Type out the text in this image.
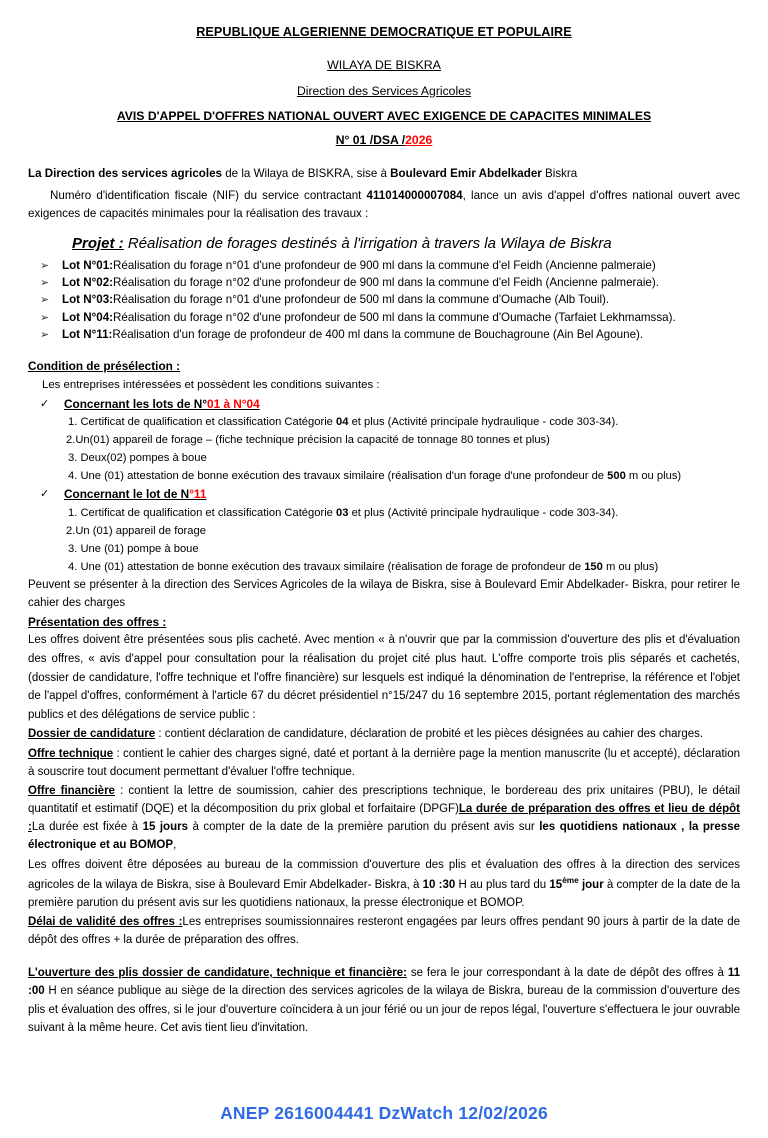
REPUBLIQUE ALGERIENNE DEMOCRATIQUE ET POPULAIRE
WILAYA DE BISKRA
Direction des Services Agricoles
AVIS D'APPEL D'OFFRES NATIONAL OUVERT AVEC EXIGENCE DE CAPACITES MINIMALES
N° 01 /DSA /2026
La Direction des services agricoles de la Wilaya de BISKRA, sise à Boulevard Emir Abdelkader Biskra
Numéro d'identification fiscale (NIF) du service contractant 411014000007084, lance un avis d'appel d'offres national ouvert avec exigences de capacités minimales pour la réalisation des travaux :
Projet : Réalisation de forages destinés à l'irrigation à travers la Wilaya de Biskra
➢	Lot N°01:Réalisation du forage n°01 d'une profondeur de 900 ml dans la commune d'el Feidh (Ancienne palmeraie)
➢	Lot N°02:Réalisation du forage n°02 d'une profondeur de 900 ml dans la commune d'el Feidh (Ancienne palmeraie).
➢	Lot N°03:Réalisation du forage n°01 d'une profondeur de 500 ml dans la commune d'Oumache (Alb Touil).
➢	Lot N°04:Réalisation du forage n°02 d'une profondeur de 500 ml dans la commune d'Oumache (Tarfaiet Lekhmamssa).
➢	Lot N°11:Réalisation d'un forage de profondeur de 400 ml dans la commune de Bouchagroune (Ain Bel Agoune).
Condition de présélection :
Les entreprises intéressées et possèdent les conditions suivantes :
✓	Concernant les lots de N°01 à N°04
1. Certificat de qualification et classification Catégorie 04 et plus (Activité principale hydraulique - code 303-34).
2.Un(01) appareil de forage – (fiche technique précision la capacité de tonnage 80 tonnes et plus)
3. Deux(02) pompes à boue
4. Une (01) attestation de bonne exécution des travaux similaire (réalisation d'un forage d'une profondeur de 500 m ou plus)
✓	Concernant le lot de N°11
1. Certificat de qualification et classification Catégorie 03 et plus (Activité principale hydraulique - code 303-34).
2.Un (01) appareil de forage
3. Une (01) pompe à boue
4. Une (01) attestation de bonne exécution des travaux similaire (réalisation de forage de profondeur de 150 m ou plus)
Peuvent se présenter à la direction des Services Agricoles de la wilaya de Biskra, sise à Boulevard Emir Abdelkader- Biskra, pour retirer le cahier des charges
Présentation des offres :
Les offres doivent être présentées sous plis cacheté. Avec mention « à n'ouvrir que par la commission d'ouverture des plis et d'évaluation des offres, « avis d'appel pour consultation pour la réalisation du projet cité plus haut. L'offre comporte trois plis séparés et cachetés, (dossier de candidature, l'offre technique et l'offre financière) sur lesquels est indiqué la dénomination de l'entreprise, la référence et l'objet de l'appel d'offres, conformément à l'article 67 du décret présidentiel n°15/247 du 16 septembre 2015, portant réglementation des marchés publics et des délégations de service public :
Dossier de candidature : contient déclaration de candidature, déclaration de probité et les pièces désignées au cahier des charges.
Offre technique : contient le cahier des charges signé, daté et portant à la dernière page la mention manuscrite (lu et accepté), déclaration à souscrire tout document permettant d'évaluer l'offre technique.
Offre financière : contient la lettre de soumission, cahier des prescriptions technique, le bordereau des prix unitaires (PBU), le détail quantitatif et estimatif (DQE) et la décomposition du prix global et forfaitaire (DPGF)La durée de préparation des offres et lieu de dépôt :La durée est fixée à 15 jours à compter de la date de la première parution du présent avis sur les quotidiens nationaux , la presse électronique et au BOMOP,
Les offres doivent être déposées au bureau de la commission d'ouverture des plis et évaluation des offres à la direction des services agricoles de la wilaya de Biskra, sise à Boulevard Emir Abdelkader- Biskra, à 10 :30 H au plus tard du 15ème jour à compter de la date de la première parution du présent avis sur les quotidiens nationaux, la presse électronique et BOMOP.
Délai de validité des offres :Les entreprises soumissionnaires resteront engagées par leurs offres pendant 90 jours à partir de la date de dépôt des offres + la durée de préparation des offres.
L'ouverture des plis dossier de candidature, technique et financière: se fera le jour correspondant à la date de dépôt des offres à 11 :00 H en séance publique au siège de la direction des services agricoles de la wilaya de Biskra, bureau de la commission d'ouverture des plis et évaluation des offres, si le jour d'ouverture coïncidera à un jour férié ou un jour de repos légal, l'ouverture s'effectuera le jour ouvrable suivant à la même heure. Cet avis tient lieu d'invitation.
ANEP 2616004441 DzWatch 12/02/2026
